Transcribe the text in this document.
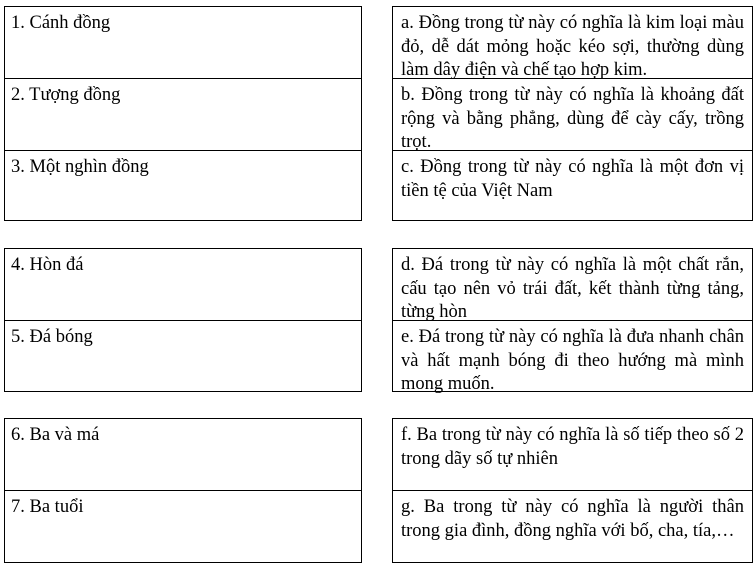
1. Cánh đồng
2. Tượng đồng
3. Một nghìn đồng
a. Đồng trong từ này có nghĩa là kim loại màu đỏ, dễ dát mỏng hoặc kéo sợi, thường dùng làm dây điện và chế tạo hợp kim.
b. Đồng trong từ này có nghĩa là khoảng đất rộng và bằng phẳng, dùng để cày cấy, trồng trọt.
c. Đồng trong từ này có nghĩa là một đơn vị tiền tệ của Việt Nam
4. Hòn đá
5. Đá bóng
d. Đá trong từ này có nghĩa là một chất rắn, cấu tạo nên vỏ trái đất, kết thành từng tảng, từng hòn
e. Đá trong từ này có nghĩa là đưa nhanh chân và hất mạnh bóng đi theo hướng mà mình mong muốn.
6. Ba và má
7. Ba tuổi
f. Ba trong từ này có nghĩa là số tiếp theo số 2 trong dãy số tự nhiên
g. Ba trong từ này có nghĩa là người thân trong gia đình, đồng nghĩa với bố, cha, tía,…
